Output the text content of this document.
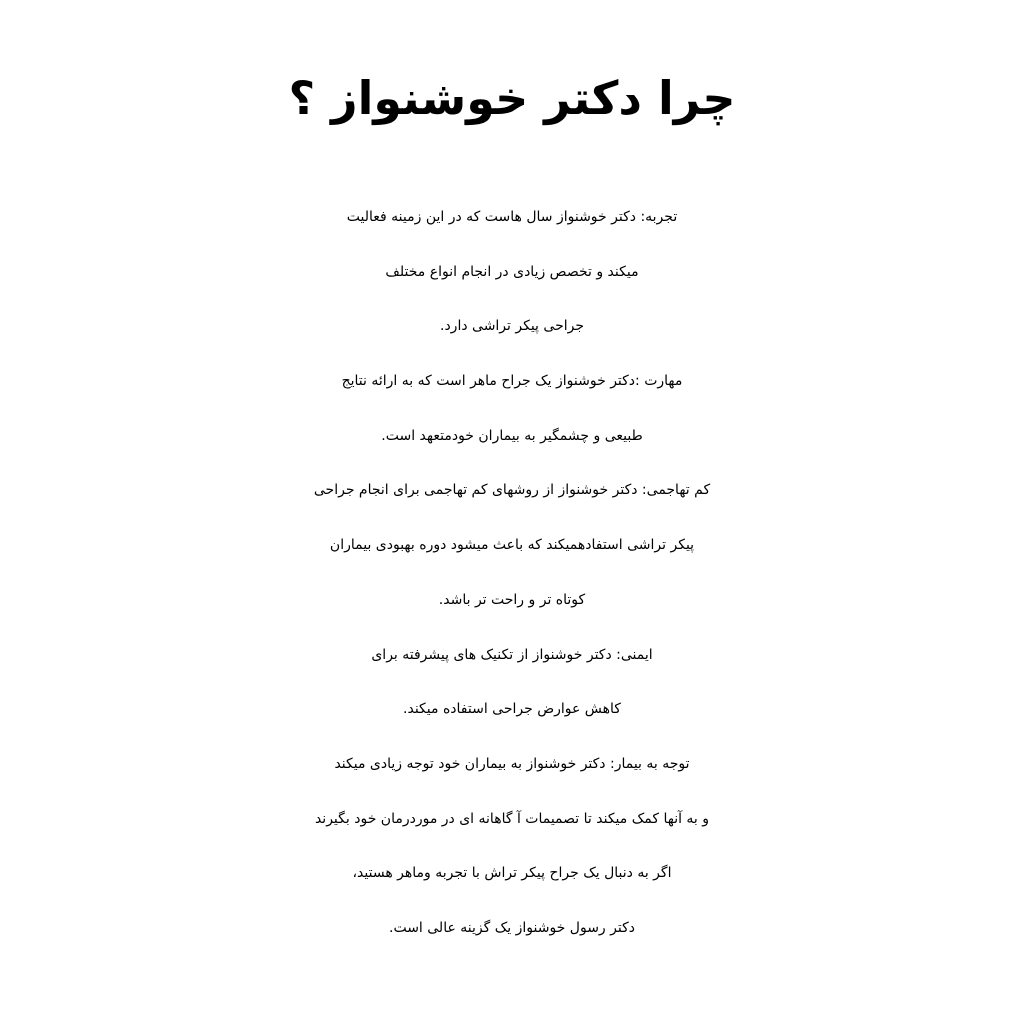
چرا دکتر خوشنواز ؟
تجربه: دکتر خوشنواز سال هاست که در این زمینه فعالیت
میکند و تخصص زیادی در انجام انواع مختلف
جراحی پیکر تراشی دارد.
مهارت :دکتر خوشنواز یک جراح ماهر است که به ارائه نتایج
طبیعی و چشمگیر به بیماران خودمتعهد است.
کم تهاجمی: دکتر خوشنواز از روشهای کم تهاجمی برای انجام جراحی
پیکر تراشی استفادهمیکند که باعث میشود دوره بهبودی بیماران
کوتاه تر و راحت تر باشد.
ایمنی: دکتر خوشنواز از تکنیک های پیشرفته برای
کاهش عوارض جراحی استفاده میکند.
توجه به بیمار: دکتر خوشنواز به بیماران خود توجه زیادی میکند
و به آنها کمک میکند تا تصمیمات آ گاهانه ای در موردرمان خود بگیرند
اگر به دنبال یک جراح پیکر تراش با تجربه وماهر هستید،
دکتر رسول خوشنواز یک گزینه عالی است.
